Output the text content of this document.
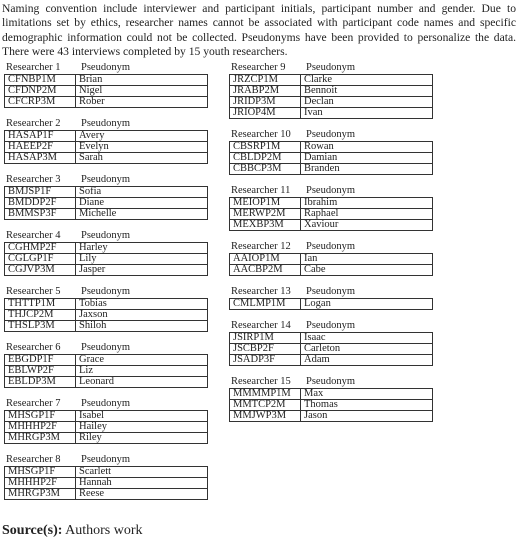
Naming convention include interviewer and participant initials, participant number and gender. Due to limitations set by ethics, researcher names cannot be associated with participant code names and specific demographic information could not be collected. Pseudonyms have been provided to personalize the data. There were 43 interviews completed by 15 youth researchers.

Researcher 1	Pseudonym
CFNBP1M	Brian
CFDNP2M	Nigel
CFCRP3M	Rober
Researcher 2	Pseudonym
HASAP1F	Avery
HAEEP2F	Evelyn
HASAP3M	Sarah
Researcher 3	Pseudonym
BMJSP1F	Sofia
BMDDP2F	Diane
BMMSP3F	Michelle
Researcher 4	Pseudonym
CGHMP2F	Harley
CGLGP1F	Lily
CGJVP3M	Jasper
Researcher 5	Pseudonym
THTTP1M	Tobias
THJCP2M	Jaxson
THSLP3M	Shiloh
Researcher 6	Pseudonym
EBGDP1F	Grace
EBLWP2F	Liz
EBLDP3M	Leonard
Researcher 7	Pseudonym
MHSGP1F	Isabel
MHHHP2F	Hailey
MHRGP3M	Riley
Researcher 8	Pseudonym
MHSGP1F	Scarlett
MHHHP2F	Hannah
MHRGP3M	Reese
Researcher 9	Pseudonym
JRZCP1M	Clarke
JRABP2M	Bennoit
JRIDP3M	Declan
JRIOP4M	Ivan
Researcher 10	Pseudonym
CBSRP1M	Rowan
CBLDP2M	Damian
CBBCP3M	Branden
Researcher 11	Pseudonym
MEIOP1M	Ibrahim
MERWP2M	Raphael
MEXBP3M	Xaviour
Researcher 12	Pseudonym
AAIOP1M	Ian
AACBP2M	Cabe
Researcher 13	Pseudonym
CMLMP1M	Logan
Researcher 14	Pseudonym
JSIRP1M	Isaac
JSCBP2F	Carleton
JSADP3F	Adam
Researcher 15	Pseudonym
MMMMP1M	Max
MMTCP2M	Thomas
MMJWP3M	Jason
Source(s): Authors work
